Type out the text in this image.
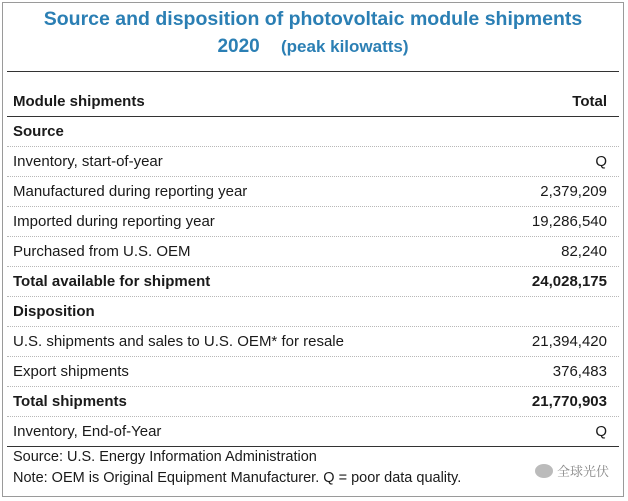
Source and disposition of photovoltaic module shipments
2020 (peak kilowatts)
Module shipments	Total
Source
Inventory, start-of-year	Q
Manufactured during reporting year	2,379,209
Imported during reporting year	19,286,540
Purchased from U.S. OEM	82,240
Total available for shipment	24,028,175
Disposition
U.S. shipments and sales to U.S. OEM* for resale	21,394,420
Export shipments	376,483
Total shipments	21,770,903
Inventory, End-of-Year	Q
Source: U.S. Energy Information Administration
Note: OEM is Original Equipment Manufacturer. Q = poor data quality.	全球光伏
